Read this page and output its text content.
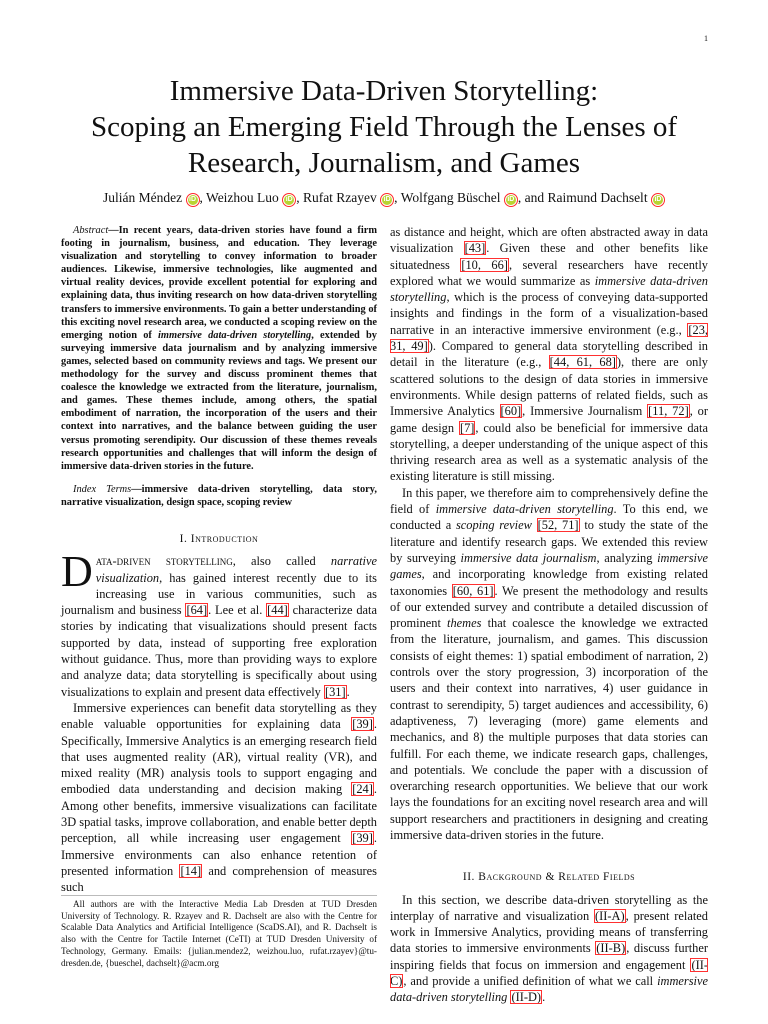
1
Immersive Data-Driven Storytelling:
Scoping an Emerging Field Through the Lenses of
Research, Journalism, and Games
Julián Méndez iD , Weizhou Luo iD , Rufat Rzayev iD , Wolfgang Büschel iD , and Raimund Dachselt iD

Abstract—In recent years, data-driven stories have found a firm footing in journalism, business, and education. They leverage visualization and storytelling to convey information to broader audiences. Likewise, immersive technologies, like augmented and virtual reality devices, provide excellent potential for exploring and explaining data, thus inviting research on how data-driven storytelling transfers to immersive environments. To gain a better understanding of this exciting novel research area, we conducted a scoping review on the emerging notion of immersive data-driven storytelling, extended by surveying immersive data journalism and by analyzing immersive games, selected based on community reviews and tags. We present our methodology for the survey and discuss prominent themes that coalesce the knowledge we extracted from the literature, journalism, and games. These themes include, among others, the spatial embodiment of narration, the incorporation of the users and their context into narratives, and the balance between guiding the user versus promoting serendipity. Our discussion of these themes reveals research opportunities and challenges that will inform the design of immersive data-driven stories in the future.

Index Terms—immersive data-driven storytelling, data story, narrative visualization, design space, scoping review

I. Introduction

Data-driven storytelling, also called narrative visualization, has gained interest recently due to its increasing use in various communities, such as journalism and business [64]. Lee et al. [44] characterize data stories by indicating that visualizations should present facts supported by data, instead of supporting free exploration without guidance. Thus, more than providing ways to explore and analyze data; data storytelling is specifically about using visualizations to explain and present data effectively [31].

Immersive experiences can benefit data storytelling as they enable valuable opportunities for explaining data [39]. Specifically, Immersive Analytics is an emerging research field that uses augmented reality (AR), virtual reality (VR), and mixed reality (MR) analysis tools to support engaging and embodied data understanding and decision making [24]. Among other benefits, immersive visualizations can facilitate 3D spatial tasks, improve collaboration, and enable better depth perception, all while increasing user engagement [39]. Immersive environments can also enhance retention of presented information [14] and comprehension of measures such

All authors are with the Interactive Media Lab Dresden at TUD Dresden University of Technology. R. Rzayev and R. Dachselt are also with the Centre for Scalable Data Analytics and Artificial Intelligence (ScaDS.AI), and R. Dachselt is also with the Centre for Tactile Internet (CeTI) at TUD Dresden University of Technology, Germany. Emails: {julian.mendez2, weizhou.luo, rufat.rzayev}@tu-dresden.de, {bueschel, dachselt}@acm.org

as distance and height, which are often abstracted away in data visualization [43]. Given these and other benefits like situatedness [10, 66], several researchers have recently explored what we would summarize as immersive data-driven storytelling, which is the process of conveying data-supported insights and findings in the form of a visualization-based narrative in an interactive immersive environment (e.g., [23, 31, 49]). Compared to general data storytelling described in detail in the literature (e.g., [44, 61, 68]), there are only scattered solutions to the design of data stories in immersive environments. While design patterns of related fields, such as Immersive Analytics [60], Immersive Journalism [11, 72], or game design [7], could also be beneficial for immersive data storytelling, a deeper understanding of the unique aspect of this thriving research area as well as a systematic analysis of the existing literature is still missing.

In this paper, we therefore aim to comprehensively define the field of immersive data-driven storytelling. To this end, we conducted a scoping review [52, 71] to study the state of the literature and identify research gaps. We extended this review by surveying immersive data journalism, analyzing immersive games, and incorporating knowledge from existing related taxonomies [60, 61]. We present the methodology and results of our extended survey and contribute a detailed discussion of prominent themes that coalesce the knowledge we extracted from the literature, journalism, and games. This discussion consists of eight themes: 1) spatial embodiment of narration, 2) controls over the story progression, 3) incorporation of the users and their context into narratives, 4) user guidance in contrast to serendipity, 5) target audiences and accessibility, 6) adaptiveness, 7) leveraging (more) game elements and mechanics, and 8) the multiple purposes that data stories can fulfill. For each theme, we indicate research gaps, challenges, and potentials. We conclude the paper with a discussion of overarching research opportunities. We believe that our work lays the foundations for an exciting novel research area and will support researchers and practitioners in designing and creating immersive data-driven stories in the future.

II. Background & Related Fields

In this section, we describe data-driven storytelling as the interplay of narrative and visualization (II-A), present related work in Immersive Analytics, providing means of transferring data stories to immersive environments (II-B), discuss further inspiring fields that focus on immersion and engagement (II-C), and provide a unified definition of what we call immersive data-driven storytelling (II-D).
